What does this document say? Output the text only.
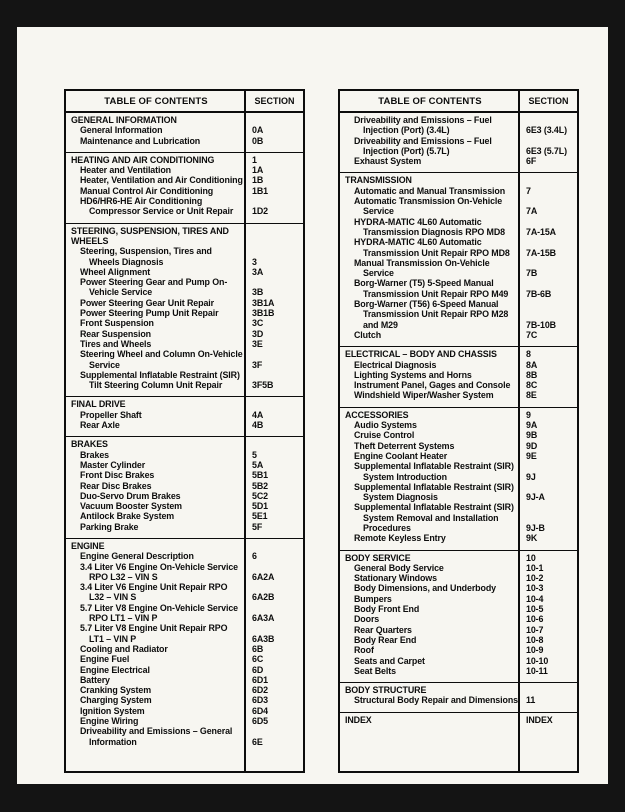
TABLE OF CONTENTS	SECTION
GENERAL INFORMATION
General Information	0A
Maintenance and Lubrication	0B
HEATING AND AIR CONDITIONING	1
Heater and Ventilation	1A
Heater, Ventilation and Air Conditioning	1B
Manual Control Air Conditioning	1B1
HD6/HR6-HE Air Conditioning Compressor Service or Unit Repair	1D2
STEERING, SUSPENSION, TIRES AND WHEELS
Steering, Suspension, Tires and Wheels Diagnosis	3
Wheel Alignment	3A
Power Steering Gear and Pump On-Vehicle Service	3B
Power Steering Gear Unit Repair	3B1A
Power Steering Pump Unit Repair	3B1B
Front Suspension	3C
Rear Suspension	3D
Tires and Wheels	3E
Steering Wheel and Column On-Vehicle Service	3F
Supplemental Inflatable Restraint (SIR) Tilt Steering Column Unit Repair	3F5B
FINAL DRIVE
Propeller Shaft	4A
Rear Axle	4B
BRAKES
Brakes	5
Master Cylinder	5A
Front Disc Brakes	5B1
Rear Disc Brakes	5B2
Duo-Servo Drum Brakes	5C2
Vacuum Booster System	5D1
Antilock Brake System	5E1
Parking Brake	5F
ENGINE
Engine General Description	6
3.4 Liter V6 Engine On-Vehicle Service RPO L32 – VIN S	6A2A
3.4 Liter V6 Engine Unit Repair RPO L32 – VIN S	6A2B
5.7 Liter V8 Engine On-Vehicle Service RPO LT1 – VIN P	6A3A
5.7 Liter V8 Engine Unit Repair RPO LT1 – VIN P	6A3B
Cooling and Radiator	6B
Engine Fuel	6C
Engine Electrical	6D
Battery	6D1
Cranking System	6D2
Charging System	6D3
Ignition System	6D4
Engine Wiring	6D5
Driveability and Emissions – General Information	6E
TABLE OF CONTENTS	SECTION
Driveability and Emissions – Fuel Injection (Port) (3.4L)	6E3 (3.4L)
Driveability and Emissions – Fuel Injection (Port) (5.7L)	6E3 (5.7L)
Exhaust System	6F
TRANSMISSION
Automatic and Manual Transmission	7
Automatic Transmission On-Vehicle Service	7A
HYDRA-MATIC 4L60 Automatic Transmission Diagnosis RPO MD8	7A-15A
HYDRA-MATIC 4L60 Automatic Transmission Unit Repair RPO MD8	7A-15B
Manual Transmission On-Vehicle Service	7B
Borg-Warner (T5) 5-Speed Manual Transmission Unit Repair RPO M49	7B-6B
Borg-Warner (T56) 6-Speed Manual Transmission Unit Repair RPO M28 and M29	7B-10B
Clutch	7C
ELECTRICAL – BODY AND CHASSIS	8
Electrical Diagnosis	8A
Lighting Systems and Horns	8B
Instrument Panel, Gages and Console	8C
Windshield Wiper/Washer System	8E
ACCESSORIES	9
Audio Systems	9A
Cruise Control	9B
Theft Deterrent Systems	9D
Engine Coolant Heater	9E
Supplemental Inflatable Restraint (SIR) System Introduction	9J
Supplemental Inflatable Restraint (SIR) System Diagnosis	9J-A
Supplemental Inflatable Restraint (SIR) System Removal and Installation Procedures	9J-B
Remote Keyless Entry	9K
BODY SERVICE	10
General Body Service	10-1
Stationary Windows	10-2
Body Dimensions, and Underbody	10-3
Bumpers	10-4
Body Front End	10-5
Doors	10-6
Rear Quarters	10-7
Body Rear End	10-8
Roof	10-9
Seats and Carpet	10-10
Seat Belts	10-11
BODY STRUCTURE
Structural Body Repair and Dimensions 11
INDEX	INDEX
